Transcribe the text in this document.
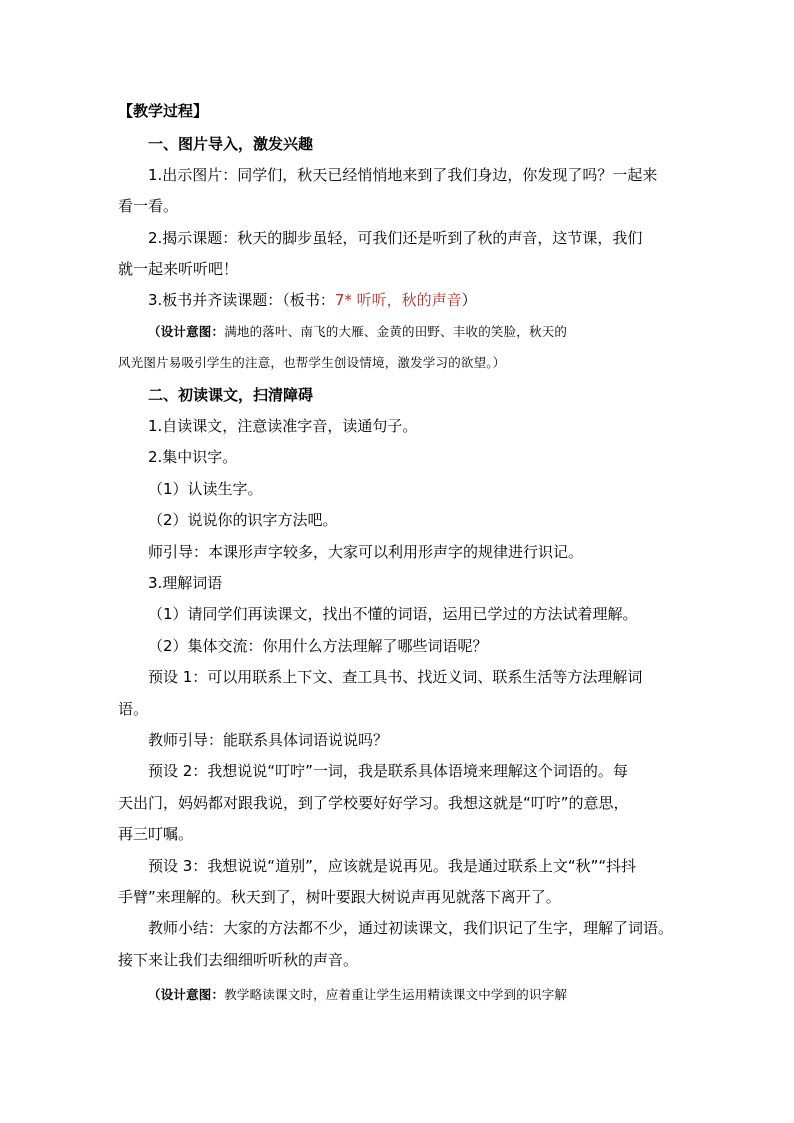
【教学过程】
一、图片导入，激发兴趣
1.出示图片：同学们，秋天已经悄悄地来到了我们身边，你发现了吗？一起来
看一看。
2.揭示课题：秋天的脚步虽轻，可我们还是听到了秋的声音，这节课，我们
就一起来听听吧！
3.板书并齐读课题：（板书：7* 听听，秋的声音）
（设计意图：满地的落叶、南飞的大雁、金黄的田野、丰收的笑脸，秋天的
风光图片易吸引学生的注意，也帮学生创设情境，激发学习的欲望。）
二、初读课文，扫清障碍
1.自读课文，注意读准字音，读通句子。
2.集中识字。
（1）认读生字。
（2）说说你的识字方法吧。
师引导：本课形声字较多，大家可以利用形声字的规律进行识记。
3.理解词语
（1）请同学们再读课文，找出不懂的词语，运用已学过的方法试着理解。
（2）集体交流：你用什么方法理解了哪些词语呢？
预设 1：可以用联系上下文、查工具书、找近义词、联系生活等方法理解词
语。
教师引导：能联系具体词语说说吗？
预设 2：我想说说“叮咛”一词，我是联系具体语境来理解这个词语的。每
天出门，妈妈都对跟我说，到了学校要好好学习。我想这就是“叮咛”的意思，
再三叮嘱。
预设 3：我想说说“道别”，应该就是说再见。我是通过联系上文“秋”“抖抖
手臂”来理解的。秋天到了，树叶要跟大树说声再见就落下离开了。
教师小结：大家的方法都不少，通过初读课文，我们识记了生字，理解了词语。
接下来让我们去细细听听秋的声音。
（设计意图：教学略读课文时，应着重让学生运用精读课文中学到的识字解
